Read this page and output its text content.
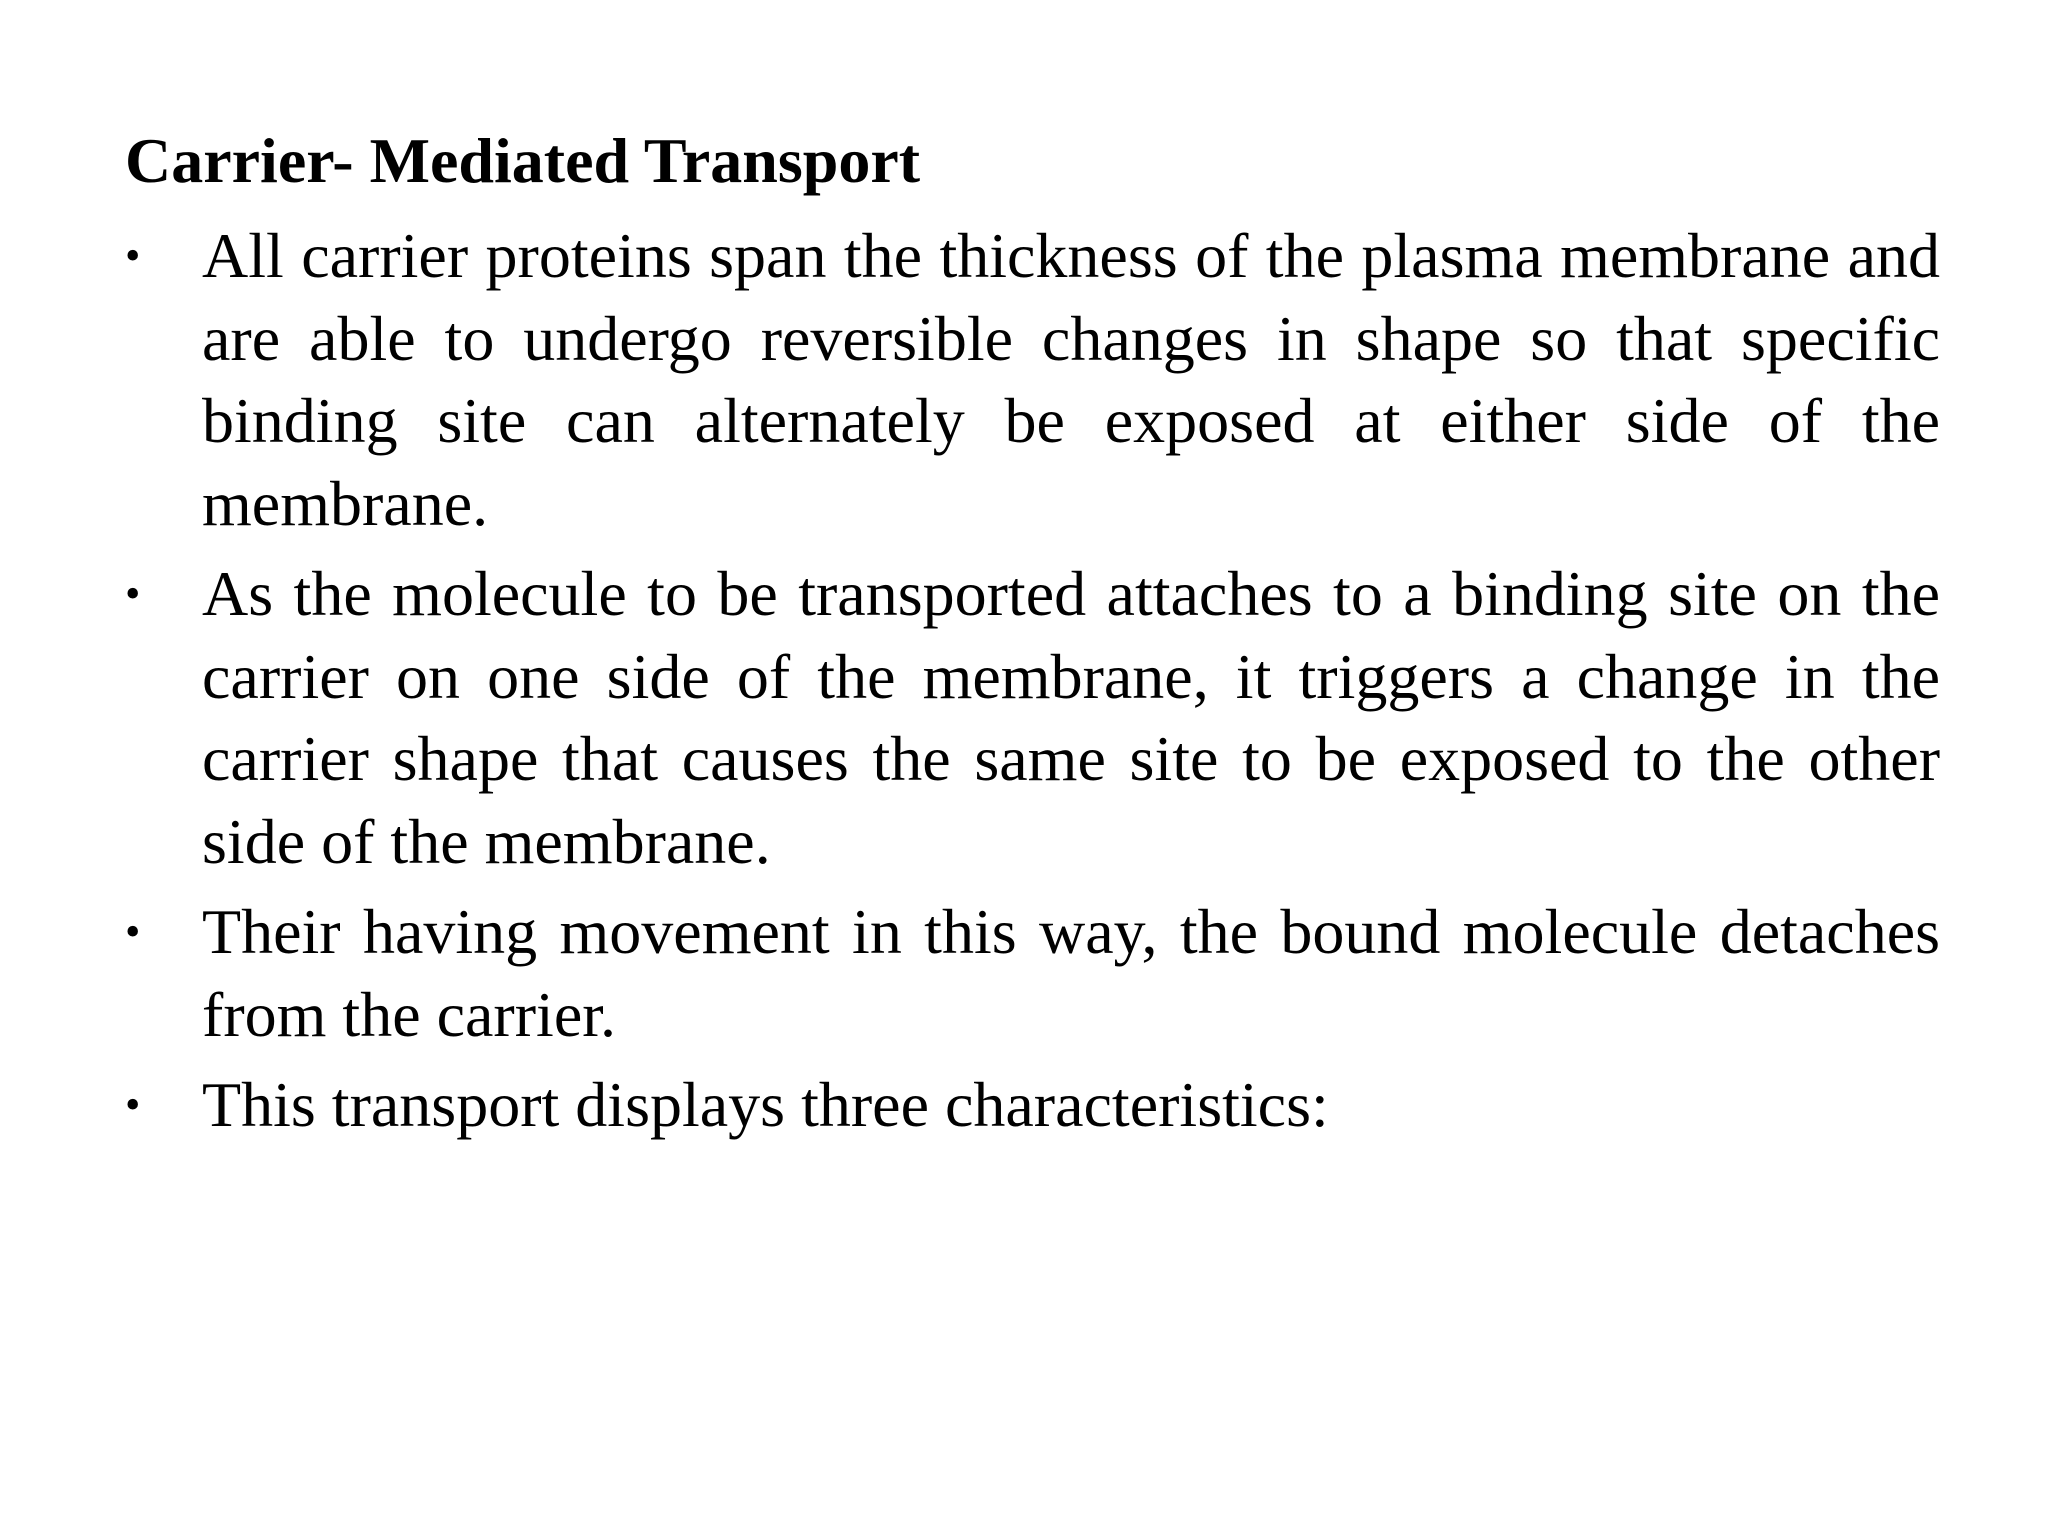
Carrier- Mediated Transport
• All carrier proteins span the thickness of the plasma membrane and are able to undergo reversible changes in shape so that specific binding site can alternately be exposed at either side of the membrane.
• As the molecule to be transported attaches to a binding site on the carrier on one side of the membrane, it triggers a change in the carrier shape that causes the same site to be exposed to the other side of the membrane.
• Their having movement in this way, the bound molecule detaches from the carrier.
• This transport displays three characteristics:
